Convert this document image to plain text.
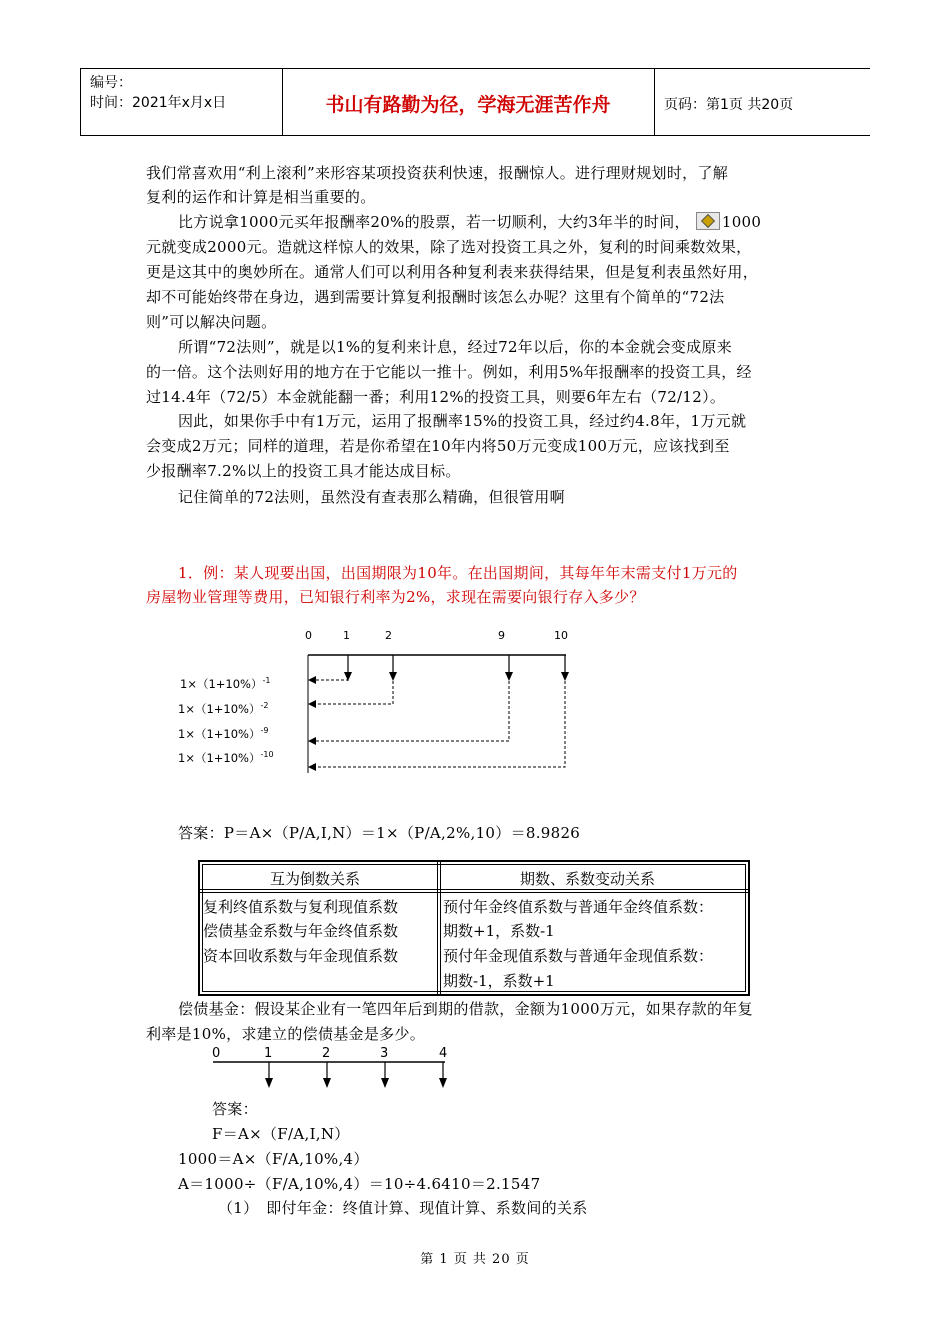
编号：
时间：2021年x月x日	书山有路勤为径，学海无涯苦作舟	页码：第1页 共20页
我们常喜欢用“利上滚利”来形容某项投资获利快速，报酬惊人。进行理财规划时，了解
复利的运作和计算是相当重要的。
比方说拿1000元买年报酬率20%的股票，若一切顺利，大约3年半的时间， 1000
元就变成2000元。造就这样惊人的效果，除了选对投资工具之外，复利的时间乘数效果，
更是这其中的奥妙所在。通常人们可以利用各种复利表来获得结果，但是复利表虽然好用，
却不可能始终带在身边，遇到需要计算复利报酬时该怎么办呢？这里有个简单的“72法
则”可以解决问题。
所谓“72法则”，就是以1%的复利来计息，经过72年以后，你的本金就会变成原来
的一倍。这个法则好用的地方在于它能以一推十。例如，利用5%年报酬率的投资工具，经
过14.4年（72/5）本金就能翻一番；利用12%的投资工具，则要6年左右（72/12）。
因此，如果你手中有1万元，运用了报酬率15%的投资工具，经过约4.8年，1万元就
会变成2万元；同样的道理，若是你希望在10年内将50万元变成100万元，应该找到至
少报酬率7.2%以上的投资工具才能达成目标。
记住简单的72法则，虽然没有查表那么精确，但很管用啊
1．例：某人现要出国，出国期限为10年。在出国期间，其每年年末需支付1万元的
房屋物业管理等费用，已知银行利率为2%，求现在需要向银行存入多少？
0	1	2	9	10
$1\times(1+10\%)^{-1}$
$1\times(1+10\%)^{-2}$
$1\times(1+10\%)^{-9}$
$1\times(1+10\%)^{-10}$
答案：P＝A×（P/A,I,N）＝1×（P/A,2%,10）＝8.9826
互为倒数关系	期数、系数变动关系
复利终值系数与复利现值系数
偿债基金系数与年金终值系数
资本回收系数与年金现值系数
预付年金终值系数与普通年金终值系数：
期数+1，系数-1
预付年金现值系数与普通年金现值系数：
期数-1，系数+1
偿债基金：假设某企业有一笔四年后到期的借款，金额为1000万元，如果存款的年复
利率是10%，求建立的偿债基金是多少。
0	1	2	3	4
答案：
F＝A×（F/A,I,N）
1000＝A×（F/A,10%,4）
A＝1000÷（F/A,10%,4）＝10÷4.6410＝2.1547
（1）　即付年金：终值计算、现值计算、系数间的关系
第 1 页 共 20 页
